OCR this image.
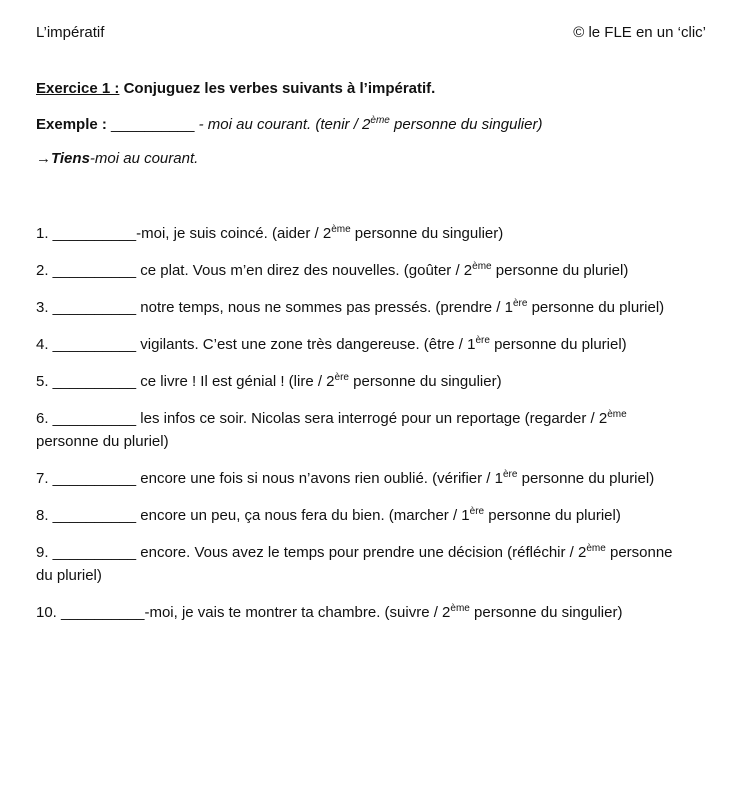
L’impératif	© le FLE en un ‘clic’
Exercice 1 : Conjuguez les verbes suivants à l’impératif.
Exemple : __________ - moi au courant. (tenir / 2ème personne du singulier)
→Tiens-moi au courant.
1. __________-moi, je suis coincé. (aider / 2ème personne du singulier)
2. __________ ce plat. Vous m’en direz des nouvelles. (goûter / 2ème personne du pluriel)
3. __________ notre temps, nous ne sommes pas pressés. (prendre / 1ère personne du pluriel)
4. __________ vigilants. C’est une zone très dangereuse. (être / 1ère personne du pluriel)
5. __________ ce livre ! Il est génial ! (lire / 2ère personne du singulier)
6. __________ les infos ce soir. Nicolas sera interrogé pour un reportage (regarder / 2ème personne du pluriel)
7. __________ encore une fois si nous n’avons rien oublié. (vérifier / 1ère personne du pluriel)
8. __________ encore un peu, ça nous fera du bien. (marcher / 1ère personne du pluriel)
9. __________ encore. Vous avez le temps pour prendre une décision (réfléchir / 2ème personne du pluriel)
10. __________-moi, je vais te montrer ta chambre. (suivre / 2ème personne du singulier)
